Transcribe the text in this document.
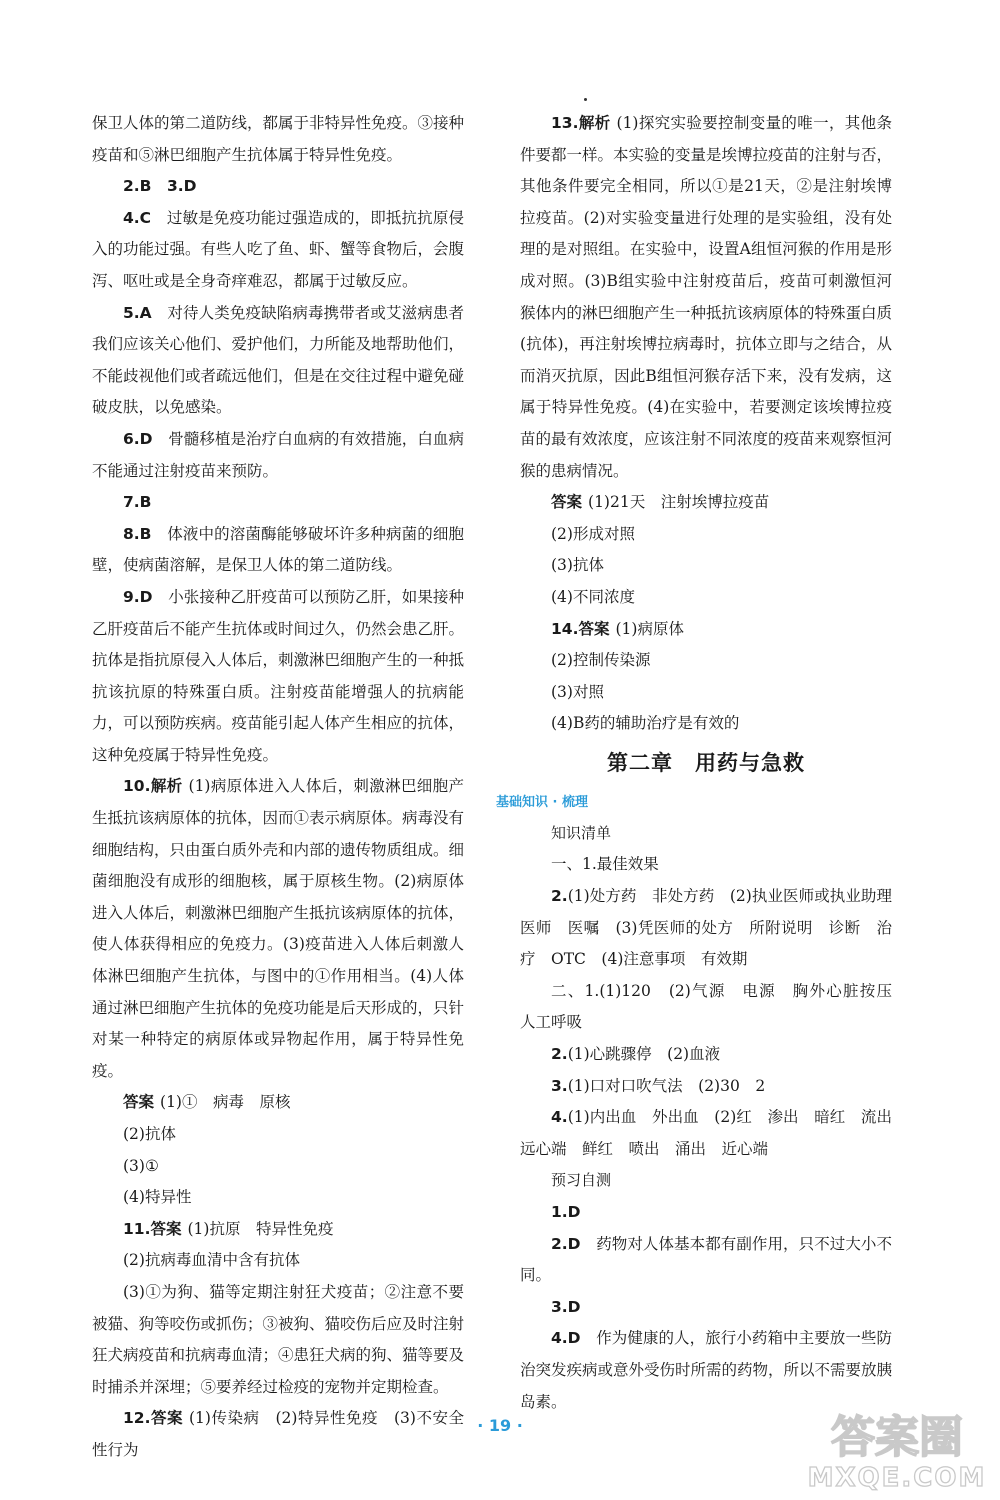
保卫人体的第二道防线，都属于非特异性免疫。③接种疫苗和⑤淋巴细胞产生抗体属于特异性免疫。

2.B　3.D

4.C　 过敏是免疫功能过强造成的，即抵抗抗原侵入的功能过强。有些人吃了鱼、虾、蟹等食物后，会腹泻、呕吐或是全身奇痒难忍，都属于过敏反应。

5.A　 对待人类免疫缺陷病毒携带者或艾滋病患者我们应该关心他们、爱护他们，力所能及地帮助他们，不能歧视他们或者疏远他们，但是在交往过程中避免碰破皮肤，以免感染。

6.D　 骨髓移植是治疗白血病的有效措施，白血病不能通过注射疫苗来预防。

7.B

8.B　 体液中的溶菌酶能够破坏许多种病菌的细胞壁，使病菌溶解，是保卫人体的第二道防线。

9.D　 小张接种乙肝疫苗可以预防乙肝，如果接种乙肝疫苗后不能产生抗体或时间过久，仍然会患乙肝。抗体是指抗原侵入人体后，刺激淋巴细胞产生的一种抵抗该抗原的特殊蛋白质。注射疫苗能增强人的抗病能力，可以预防疾病。疫苗能引起人体产生相应的抗体，这种免疫属于特异性免疫。

10.解析 (1)病原体进入人体后，刺激淋巴细胞产生抵抗该病原体的抗体，因而①表示病原体。病毒没有细胞结构，只由蛋白质外壳和内部的遗传物质组成。细菌细胞没有成形的细胞核，属于原核生物。(2)病原体进入人体后，刺激淋巴细胞产生抵抗该病原体的抗体，使人体获得相应的免疫力。(3)疫苗进入人体后刺激人体淋巴细胞产生抗体，与图中的①作用相当。(4)人体通过淋巴细胞产生抗体的免疫功能是后天形成的，只针对某一种特定的病原体或异物起作用，属于特异性免疫。

答案 (1)①　病毒　原核

(2)抗体

(3)①

(4)特异性

11.答案 (1)抗原　特异性免疫

(2)抗病毒血清中含有抗体

(3)①为狗、猫等定期注射狂犬疫苗；②注意不要被猫、狗等咬伤或抓伤；③被狗、猫咬伤后应及时注射狂犬病疫苗和抗病毒血清；④患狂犬病的狗、猫等要及时捕杀并深埋；⑤要养经过检疫的宠物并定期检查。

12.答案 (1)传染病　(2)特异性免疫　(3)不安全性行为

13.解析 (1)探究实验要控制变量的唯一，其他条件要都一样。本实验的变量是埃博拉疫苗的注射与否，其他条件要完全相同，所以①是21天，②是注射埃博拉疫苗。(2)对实验变量进行处理的是实验组，没有处理的是对照组。在实验中，设置A组恒河猴的作用是形成对照。(3)B组实验中注射疫苗后，疫苗可刺激恒河猴体内的淋巴细胞产生一种抵抗该病原体的特殊蛋白质(抗体)，再注射埃博拉病毒时，抗体立即与之结合，从而消灭抗原，因此B组恒河猴存活下来，没有发病，这属于特异性免疫。(4)在实验中，若要测定该埃博拉疫苗的最有效浓度，应该注射不同浓度的疫苗来观察恒河猴的患病情况。

答案 (1)21天　注射埃博拉疫苗

(2)形成对照

(3)抗体

(4)不同浓度

14.答案 (1)病原体

(2)控制传染源

(3)对照

(4)B药的辅助治疗是有效的

第二章　用药与急救
基础知识 · 梳理

知识清单

一、1.最佳效果

2.(1)处方药　非处方药　(2)执业医师或执业助理医师　医嘱　(3)凭医师的处方　所附说明　诊断　治疗　OTC　(4)注意事项　有效期

二、1.(1)120　(2)气源　电源　胸外心脏按压　人工呼吸

2.(1)心跳骤停　(2)血液

3.(1)口对口吹气法　(2)30　2

4.(1)内出血　外出血　(2)红　渗出　暗红　流出　远心端　鲜红　喷出　涌出　近心端

预习自测

1.D

2.D　 药物对人体基本都有副作用，只不过大小不同。

3.D

4.D　 作为健康的人，旅行小药箱中主要放一些防治突发疾病或意外受伤时所需的药物，所以不需要放胰岛素。

· 19 ·	答案圈
MXQE.COM
